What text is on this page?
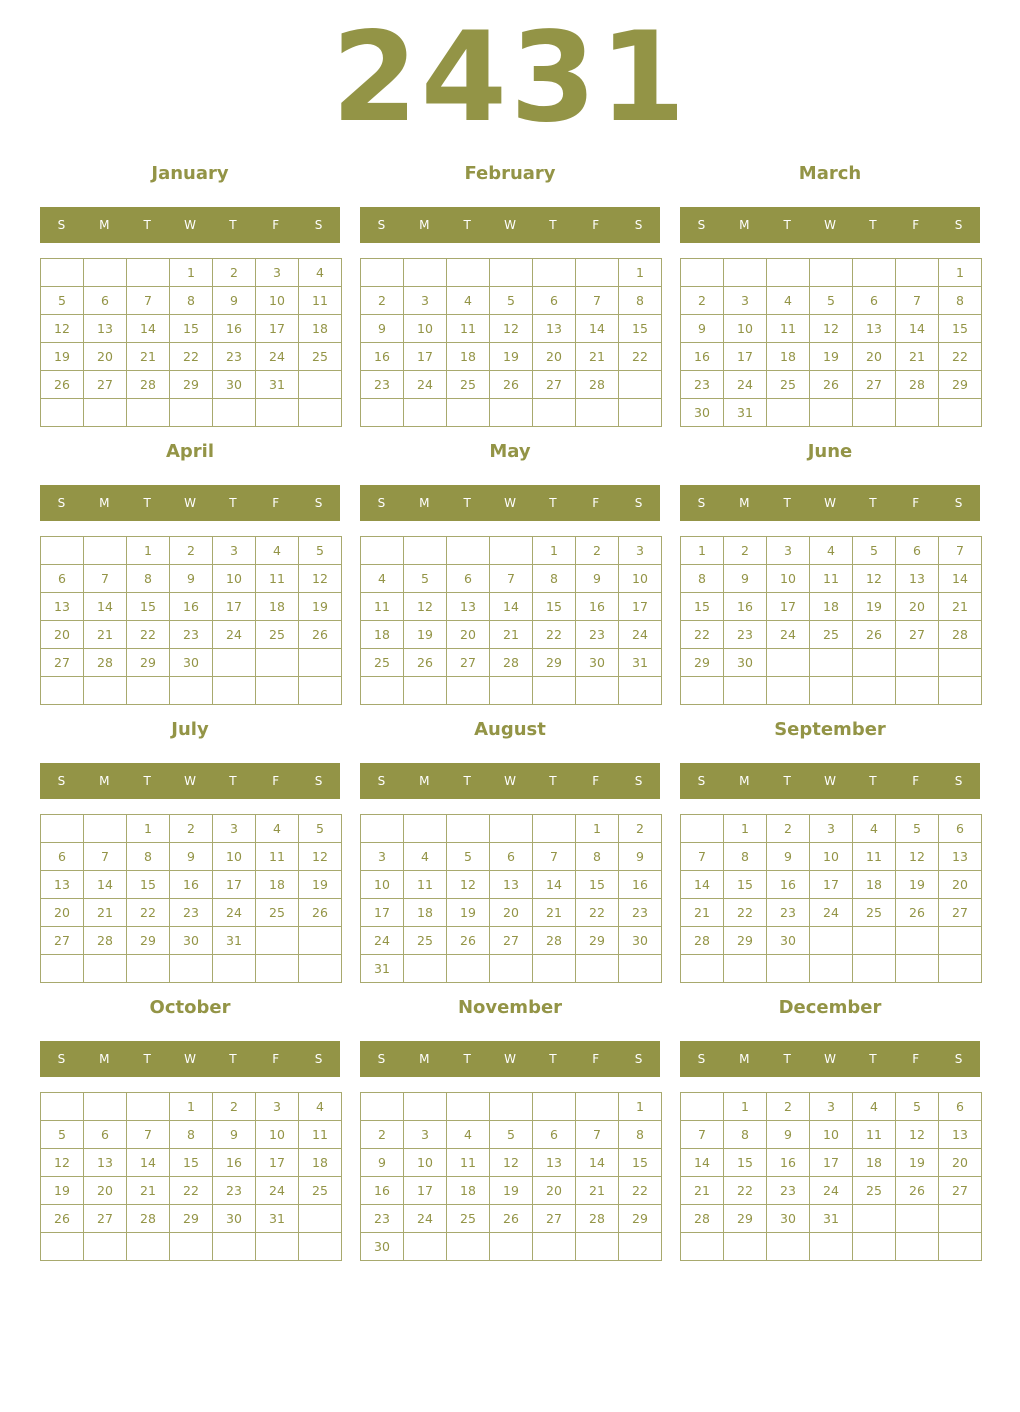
2431
January
S	M	T	W	T	F	S
			1	2	3	4
5	6	7	8	9	10	11
12	13	14	15	16	17	18
19	20	21	22	23	24	25
26	27	28	29	30	31	

February
S	M	T	W	T	F	S
						1
2	3	4	5	6	7	8
9	10	11	12	13	14	15
16	17	18	19	20	21	22
23	24	25	26	27	28	

March
S	M	T	W	T	F	S
						1
2	3	4	5	6	7	8
9	10	11	12	13	14	15
16	17	18	19	20	21	22
23	24	25	26	27	28	29
30	31					
April
S	M	T	W	T	F	S
		1	2	3	4	5
6	7	8	9	10	11	12
13	14	15	16	17	18	19
20	21	22	23	24	25	26
27	28	29	30			

May
S	M	T	W	T	F	S
				1	2	3
4	5	6	7	8	9	10
11	12	13	14	15	16	17
18	19	20	21	22	23	24
25	26	27	28	29	30	31

June
S	M	T	W	T	F	S
1	2	3	4	5	6	7
8	9	10	11	12	13	14
15	16	17	18	19	20	21
22	23	24	25	26	27	28
29	30					

July
S	M	T	W	T	F	S
		1	2	3	4	5
6	7	8	9	10	11	12
13	14	15	16	17	18	19
20	21	22	23	24	25	26
27	28	29	30	31		

August
S	M	T	W	T	F	S
					1	2
3	4	5	6	7	8	9
10	11	12	13	14	15	16
17	18	19	20	21	22	23
24	25	26	27	28	29	30
31						
September
S	M	T	W	T	F	S
	1	2	3	4	5	6
7	8	9	10	11	12	13
14	15	16	17	18	19	20
21	22	23	24	25	26	27
28	29	30				

October
S	M	T	W	T	F	S
			1	2	3	4
5	6	7	8	9	10	11
12	13	14	15	16	17	18
19	20	21	22	23	24	25
26	27	28	29	30	31	

November
S	M	T	W	T	F	S
						1
2	3	4	5	6	7	8
9	10	11	12	13	14	15
16	17	18	19	20	21	22
23	24	25	26	27	28	29
30						
December
S	M	T	W	T	F	S
	1	2	3	4	5	6
7	8	9	10	11	12	13
14	15	16	17	18	19	20
21	22	23	24	25	26	27
28	29	30	31			
